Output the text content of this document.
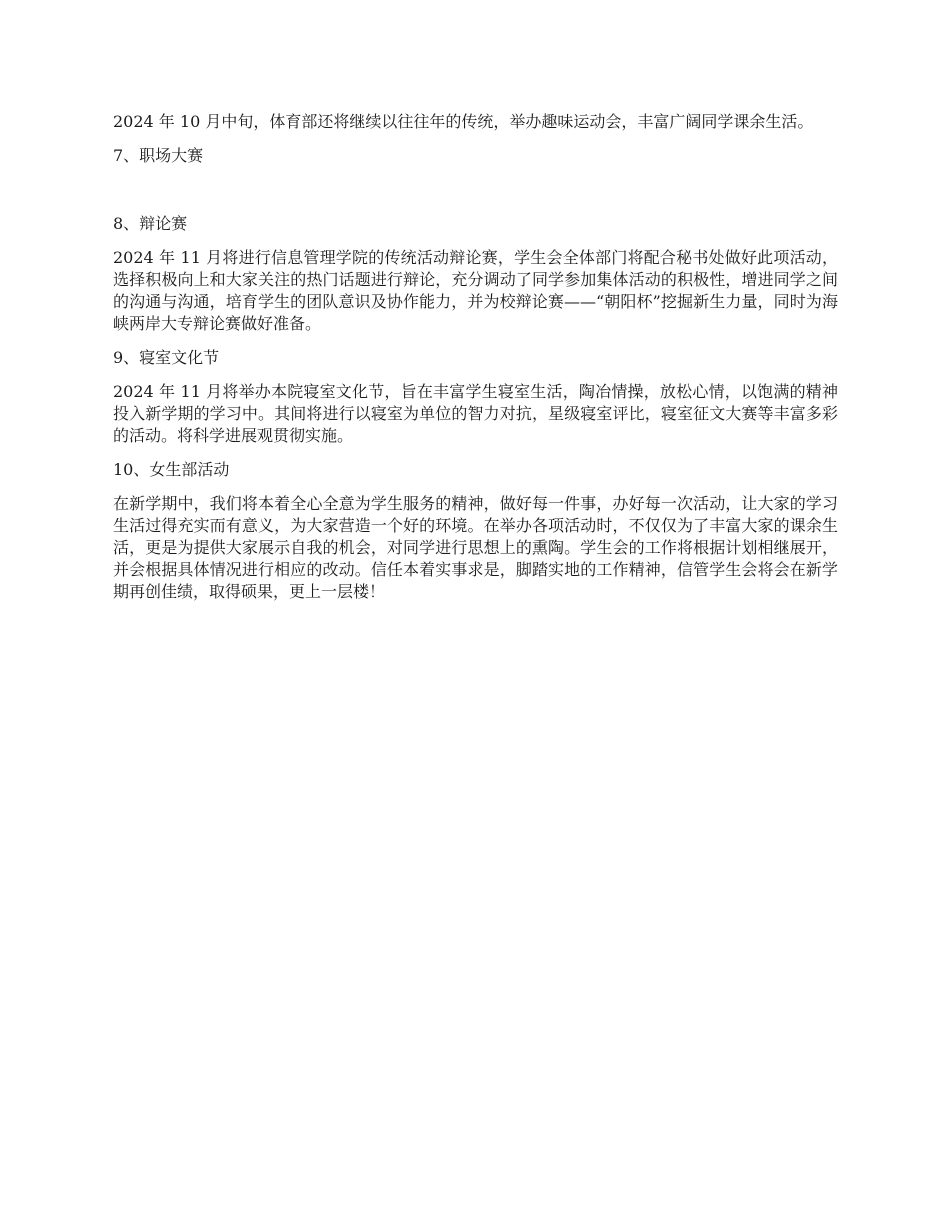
2024 年 10 月中旬，体育部还将继续以往往年的传统，举办趣味运动会，丰富广阔同学课余生活。

7、职场大赛

8、辩论赛

2024 年 11 月将进行信息管理学院的传统活动辩论赛，学生会全体部门将配合秘书处做好此项活动，选择积极向上和大家关注的热门话题进行辩论，充分调动了同学参加集体活动的积极性，增进同学之间的沟通与沟通，培育学生的团队意识及协作能力，并为校辩论赛——“朝阳杯”挖掘新生力量，同时为海峡两岸大专辩论赛做好准备。

9、寝室文化节

2024 年 11 月将举办本院寝室文化节，旨在丰富学生寝室生活，陶冶情操，放松心情，以饱满的精神投入新学期的学习中。其间将进行以寝室为单位的智力对抗，星级寝室评比，寝室征文大赛等丰富多彩的活动。将科学进展观贯彻实施。

10、女生部活动

在新学期中，我们将本着全心全意为学生服务的精神，做好每一件事，办好每一次活动，让大家的学习生活过得充实而有意义，为大家营造一个好的环境。在举办各项活动时，不仅仅为了丰富大家的课余生活，更是为提供大家展示自我的机会，对同学进行思想上的熏陶。学生会的工作将根据计划相继展开，并会根据具体情况进行相应的改动。信任本着实事求是，脚踏实地的工作精神，信管学生会将会在新学期再创佳绩，取得硕果，更上一层楼！
